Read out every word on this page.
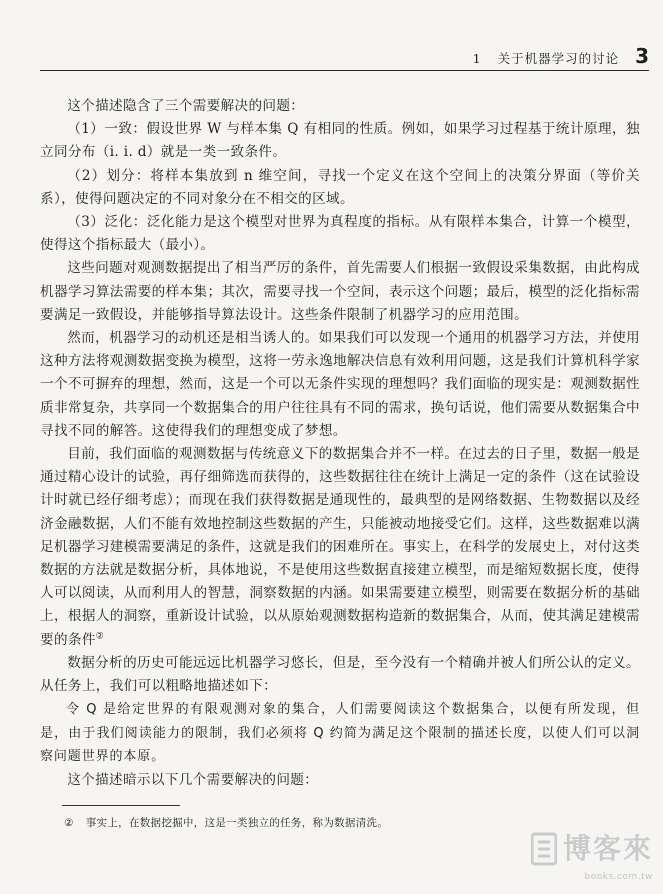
1 关于机器学习的讨论 3

这个描述隐含了三个需要解决的问题：

（1）一致：假设世界 W 与样本集 Q 有相同的性质。例如，如果学习过程基于统计原理，独立同分布（i. i. d）就是一类一致条件。

（2）划分：将样本集放到 n 维空间，寻找一个定义在这个空间上的决策分界面（等价关系），使得问题决定的不同对象分在不相交的区域。

（3）泛化：泛化能力是这个模型对世界为真程度的指标。从有限样本集合，计算一个模型，使得这个指标最大（最小）。

这些问题对观测数据提出了相当严厉的条件，首先需要人们根据一致假设采集数据，由此构成机器学习算法需要的样本集；其次，需要寻找一个空间，表示这个问题；最后，模型的泛化指标需要满足一致假设，并能够指导算法设计。这些条件限制了机器学习的应用范围。

然而，机器学习的动机还是相当诱人的。如果我们可以发现一个通用的机器学习方法，并使用这种方法将观测数据变换为模型，这将一劳永逸地解决信息有效利用问题，这是我们计算机科学家一个不可摒弃的理想，然而，这是一个可以无条件实现的理想吗？我们面临的现实是：观测数据性质非常复杂，共享同一个数据集合的用户往往具有不同的需求，换句话说，他们需要从数据集合中寻找不同的解答。这使得我们的理想变成了梦想。

目前，我们面临的观测数据与传统意义下的数据集合并不一样。在过去的日子里，数据一般是通过精心设计的试验，再仔细筛选而获得的，这些数据往往在统计上满足一定的条件（这在试验设计时就已经仔细考虑）；而现在我们获得数据是通现性的，最典型的是网络数据、生物数据以及经济金融数据，人们不能有效地控制这些数据的产生，只能被动地接受它们。这样，这些数据难以满足机器学习建模需要满足的条件，这就是我们的困难所在。事实上，在科学的发展史上，对付这类数据的方法就是数据分析，具体地说，不是使用这些数据直接建立模型，而是缩短数据长度，使得人可以阅读，从而利用人的智慧，洞察数据的内涵。如果需要建立模型，则需要在数据分析的基础上，根据人的洞察，重新设计试验，以从原始观测数据构造新的数据集合，从而，使其满足建模需要的条件②

数据分析的历史可能远远比机器学习悠长，但是，至今没有一个精确并被人们所公认的定义。从任务上，我们可以粗略地描述如下：

令 Q 是给定世界的有限观测对象的集合，人们需要阅读这个数据集合，以便有所发现，但是，由于我们阅读能力的限制，我们必须将 Q 约简为满足这个限制的描述长度，以使人们可以洞察问题世界的本原。

这个描述暗示以下几个需要解决的问题：

② 事实上，在数据挖掘中，这是一类独立的任务，称为数据清洗。
博客來
books.com.tw
